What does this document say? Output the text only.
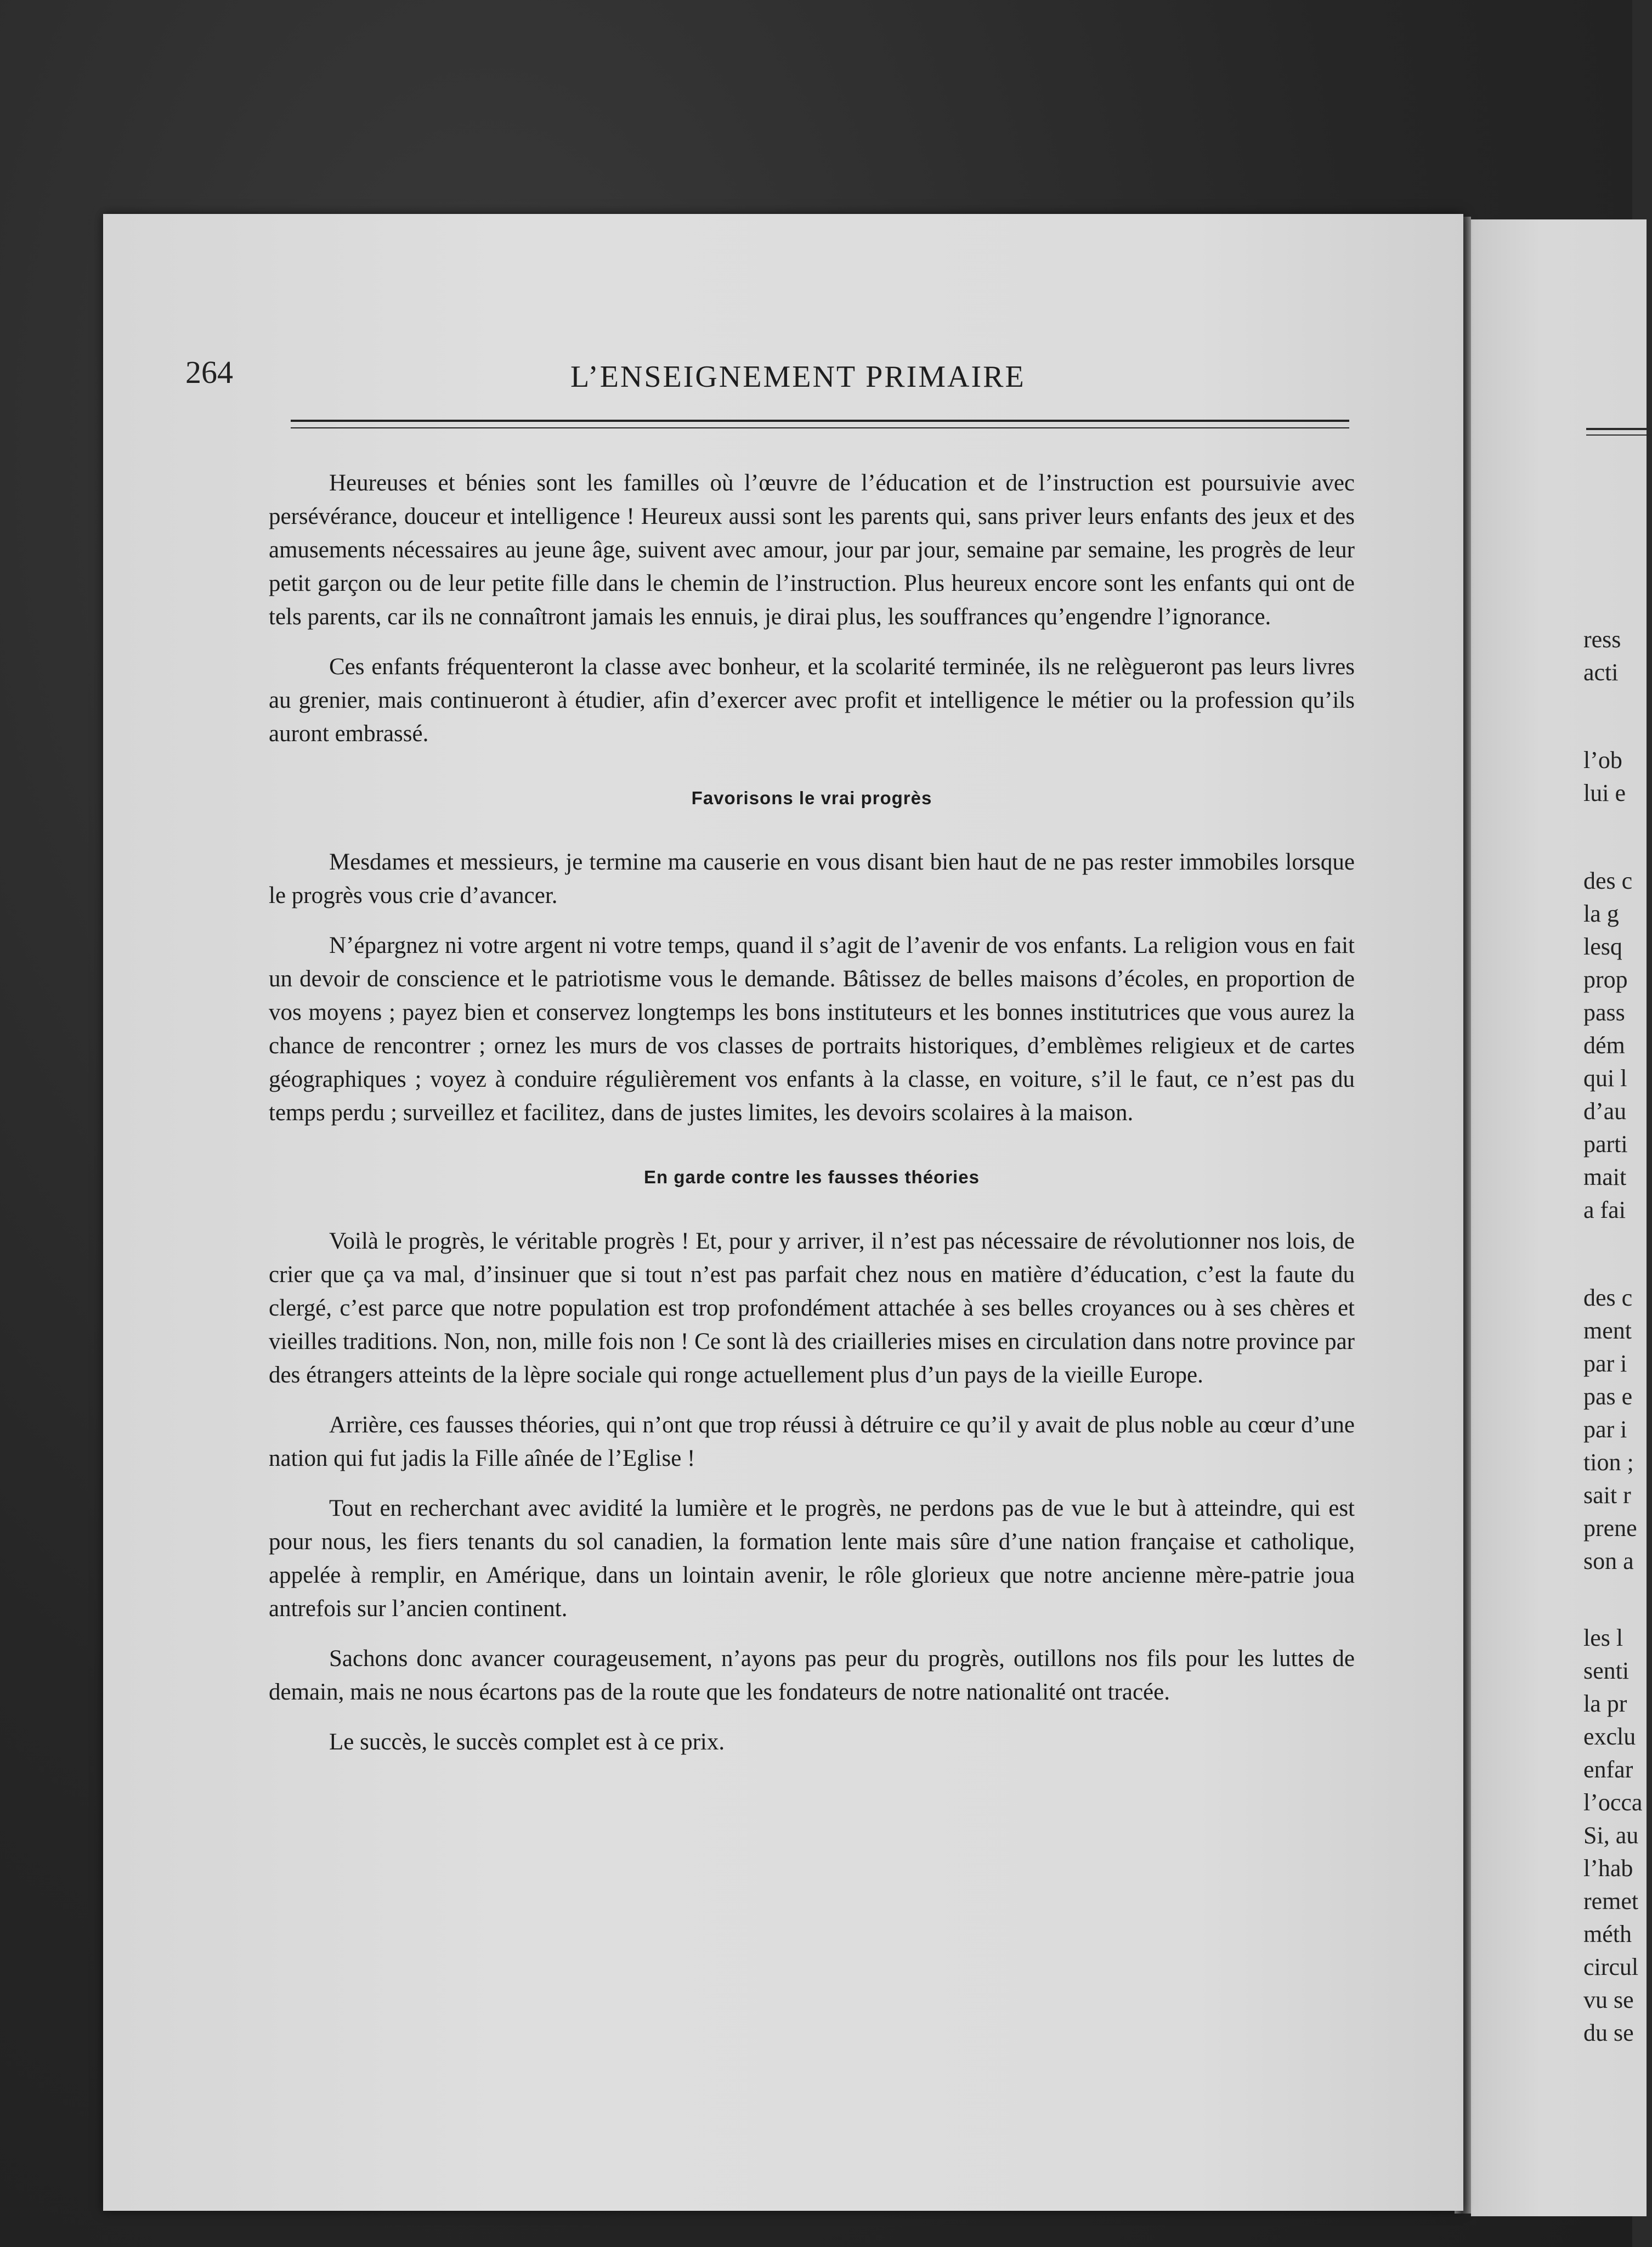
ress
acti
l’ob
lui e
des c
la g
lesq
prop
pass
dém
qui l
d’au
parti
mait
a fai
des c
ment
par i
pas e
par i
tion ;
sait r
prene
son a
les l
senti
la pr
exclu
enfar
l’occa
Si, au
l’hab
remet
méth
circul
vu se
du se
264	L’ENSEIGNEMENT PRIMAIRE

Heureuses et bénies sont les familles où l’œuvre de l’éducation et de l’instruction est poursuivie avec persévérance, douceur et intelligence ! Heureux aussi sont les parents qui, sans priver leurs enfants des jeux et des amusements nécessaires au jeune âge, suivent avec amour, jour par jour, semaine par semaine, les progrès de leur petit garçon ou de leur petite fille dans le chemin de l’instruction. Plus heureux encore sont les enfants qui ont de tels parents, car ils ne connaîtront jamais les ennuis, je dirai plus, les souffrances qu’engendre l’ignorance.

Ces enfants fréquenteront la classe avec bonheur, et la scolarité terminée, ils ne relègueront pas leurs livres au grenier, mais continueront à étudier, afin d’exercer avec profit et intelligence le métier ou la profession qu’ils auront embrassé.

Favorisons le vrai progrès

Mesdames et messieurs, je termine ma causerie en vous disant bien haut de ne pas rester immobiles lorsque le progrès vous crie d’avancer.

N’épargnez ni votre argent ni votre temps, quand il s’agit de l’avenir de vos enfants. La religion vous en fait un devoir de conscience et le patriotisme vous le demande. Bâtissez de belles maisons d’écoles, en proportion de vos moyens ; payez bien et conservez longtemps les bons instituteurs et les bonnes institutrices que vous aurez la chance de rencontrer ; ornez les murs de vos classes de portraits historiques, d’emblèmes religieux et de cartes géographiques ; voyez à conduire régulièrement vos enfants à la classe, en voiture, s’il le faut, ce n’est pas du temps perdu ; surveillez et facilitez, dans de justes limites, les devoirs scolaires à la maison.

En garde contre les fausses théories

Voilà le progrès, le véritable progrès ! Et, pour y arriver, il n’est pas nécessaire de révolutionner nos lois, de crier que ça va mal, d’insinuer que si tout n’est pas parfait chez nous en matière d’éducation, c’est la faute du clergé, c’est parce que notre population est trop profondément attachée à ses belles croyances ou à ses chères et vieilles traditions. Non, non, mille fois non ! Ce sont là des criailleries mises en circulation dans notre province par des étrangers atteints de la lèpre sociale qui ronge actuellement plus d’un pays de la vieille Europe.

Arrière, ces fausses théories, qui n’ont que trop réussi à détruire ce qu’il y avait de plus noble au cœur d’une nation qui fut jadis la Fille aînée de l’Eglise !

Tout en recherchant avec avidité la lumière et le progrès, ne perdons pas de vue le but à atteindre, qui est pour nous, les fiers tenants du sol canadien, la formation lente mais sûre d’une nation française et catholique, appelée à remplir, en Amérique, dans un lointain avenir, le rôle glorieux que notre ancienne mère-patrie joua antrefois sur l’ancien continent.

Sachons donc avancer courageusement, n’ayons pas peur du progrès, outillons nos fils pour les luttes de demain, mais ne nous écartons pas de la route que les fondateurs de notre nationalité ont tracée.

Le succès, le succès complet est à ce prix.
